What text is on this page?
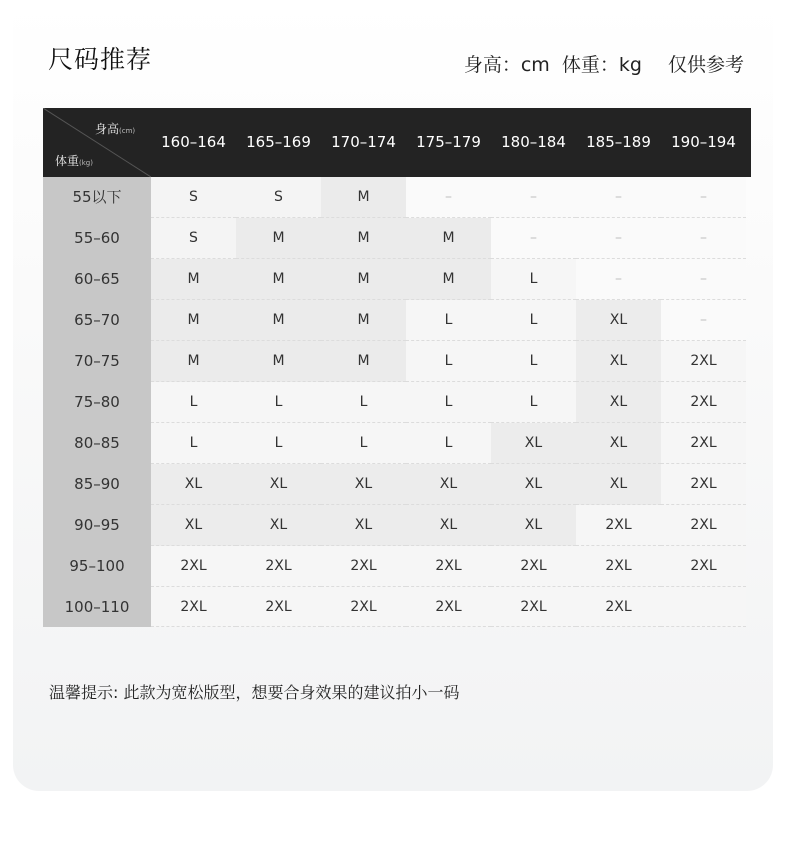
尺码推荐	身高：cm 体重：kg 仅供参考
身高(cm)
体重(kg)
160–164	165–169	170–174	175–179	180–184	185–189	190–194
55以下	S	S	M	–	–	–	–
55–60	S	M	M	M	–	–	–
60–65	M	M	M	M	L	–	–
65–70	M	M	M	L	L	XL	–
70–75	M	M	M	L	L	XL	2XL
75–80	L	L	L	L	L	XL	2XL
80–85	L	L	L	L	XL	XL	2XL
85–90	XL	XL	XL	XL	XL	XL	2XL
90–95	XL	XL	XL	XL	XL	2XL	2XL
95–100	2XL	2XL	2XL	2XL	2XL	2XL	2XL
100–110	2XL	2XL	2XL	2XL	2XL	2XL
温馨提示: 此款为宽松版型，想要合身效果的建议拍小一码
